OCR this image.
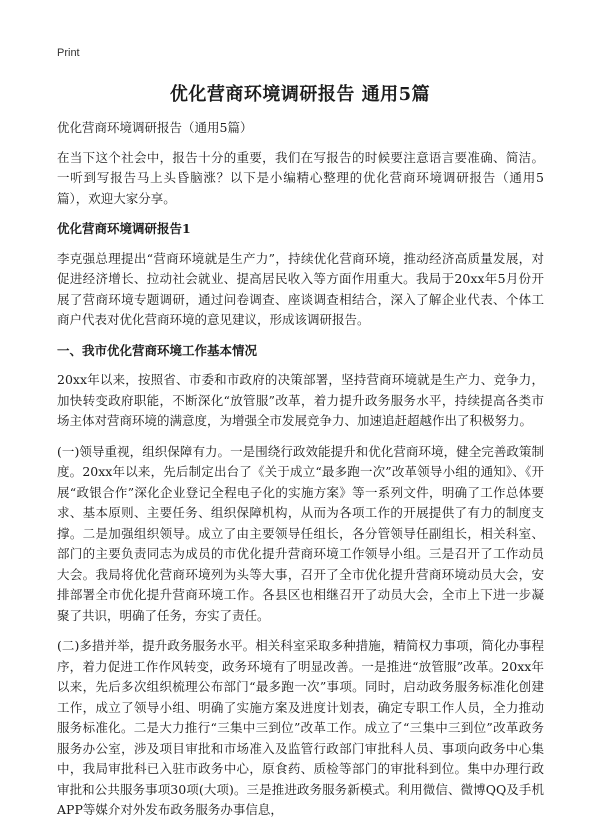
Print
优化营商环境调研报告 通用5篇
优化营商环境调研报告（通用5篇）

在当下这个社会中，报告十分的重要，我们在写报告的时候要注意语言要准确、简洁。一听到写报告马上头昏脑涨？以下是小编精心整理的优化营商环境调研报告（通用5篇），欢迎大家分享。

优化营商环境调研报告1

李克强总理提出“营商环境就是生产力”，持续优化营商环境，推动经济高质量发展，对促进经济增长、拉动社会就业、提高居民收入等方面作用重大。我局于20xx年5月份开展了营商环境专题调研，通过问卷调查、座谈调查相结合，深入了解企业代表、个体工商户代表对优化营商环境的意见建议，形成该调研报告。

一、我市优化营商环境工作基本情况

20xx年以来，按照省、市委和市政府的决策部署，坚持营商环境就是生产力、竞争力，加快转变政府职能，不断深化“放管服”改革，着力提升政务服务水平，持续提高各类市场主体对营商环境的满意度，为增强全市发展竞争力、加速追赶超越作出了积极努力。

(一)领导重视，组织保障有力。一是围绕行政效能提升和优化营商环境，健全完善政策制度。20xx年以来，先后制定出台了《关于成立“最多跑一次”改革领导小组的通知》、《开展“政银合作”深化企业登记全程电子化的实施方案》等一系列文件，明确了工作总体要求、基本原则、主要任务、组织保障机构，从而为各项工作的开展提供了有力的制度支撑。二是加强组织领导。成立了由主要领导任组长，各分管领导任副组长，相关科室、部门的主要负责同志为成员的市优化提升营商环境工作领导小组。三是召开了工作动员大会。我局将优化营商环境列为头等大事，召开了全市优化提升营商环境动员大会，安排部署全市优化提升营商环境工作。各县区也相继召开了动员大会，全市上下进一步凝聚了共识，明确了任务，夯实了责任。

(二)多措并举，提升政务服务水平。相关科室采取多种措施，精简权力事项，简化办事程序，着力促进工作作风转变，政务环境有了明显改善。一是推进“放管服”改革。20xx年以来，先后多次组织梳理公布部门“最多跑一次”事项。同时，启动政务服务标准化创建工作，成立了领导小组、明确了实施方案及进度计划表，确定专职工作人员，全力推动服务标准化。二是大力推行“三集中三到位”改革工作。成立了“三集中三到位”改革政务服务办公室，涉及项目审批和市场准入及监管行政部门审批科人员、事项向政务中心集中，我局审批科已入驻市政务中心，原食药、质检等部门的审批科到位。集中办理行政审批和公共服务事项30项(大项)。三是推进政务服务新模式。利用微信、微博QQ及手机APP等媒介对外发布政务服务办事信息，
